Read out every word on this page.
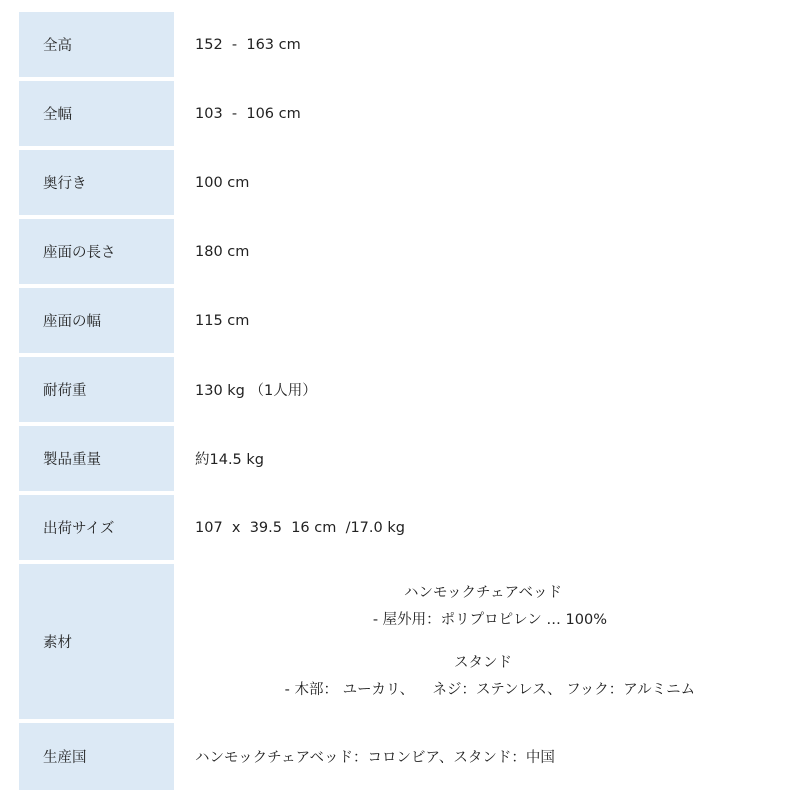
全高	152  -  163 cm
全幅	103  -  106 cm
奥行き	100 cm
座面の長さ	180 cm
座面の幅	115 cm
耐荷重	130 kg （1人用）
製品重量	約14.5 kg
出荷サイズ	107  x  39.5  16 cm  /17.0 kg
素材
ハンモックチェアベッド
- 屋外用：ポリプロピレン … 100%
スタンド
- 木部： ユーカリ、    ネジ：ステンレス、 フック：アルミニム
生産国	ハンモックチェアベッド：コロンビア、スタンド：中国
